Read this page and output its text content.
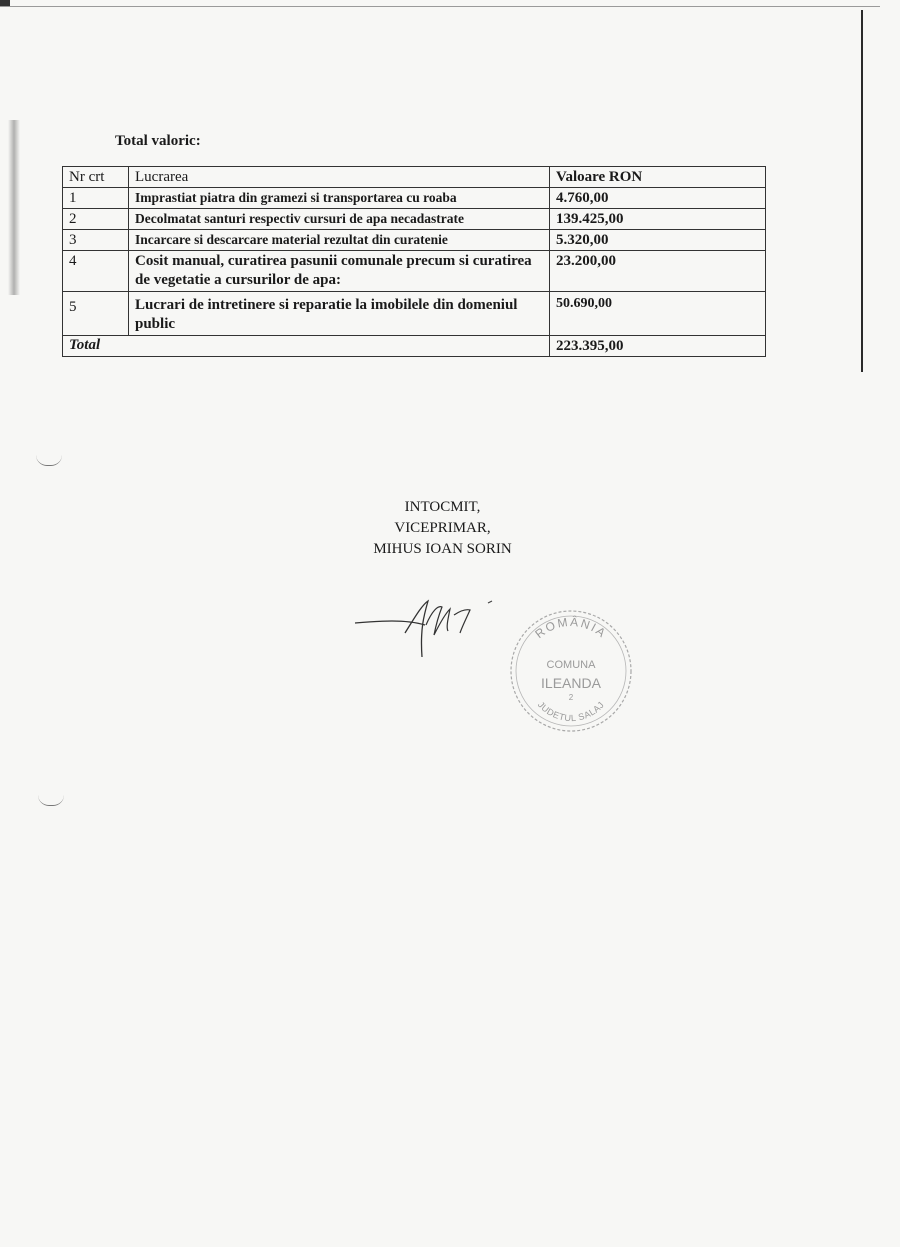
Total valoric:
Nr crt	Lucrarea	Valoare RON
1	Imprastiat piatra din gramezi si transportarea cu roaba	4.760,00
2	Decolmatat santuri respectiv cursuri de apa necadastrate	139.425,00
3	Incarcare si descarcare material rezultat din curatenie	5.320,00
4	Cosit manual, curatirea pasunii comunale precum si curatirea de vegetatie a cursurilor de apa:	23.200,00
5	Lucrari de intretinere si reparatie la imobilele din domeniul public	50.690,00
Total		223.395,00
INTOCMIT,
VICEPRIMAR,
MIHUS IOAN SORIN
ROMÂNIA
COMUNA
ILEANDA
2
JUDETUL SALAJ
